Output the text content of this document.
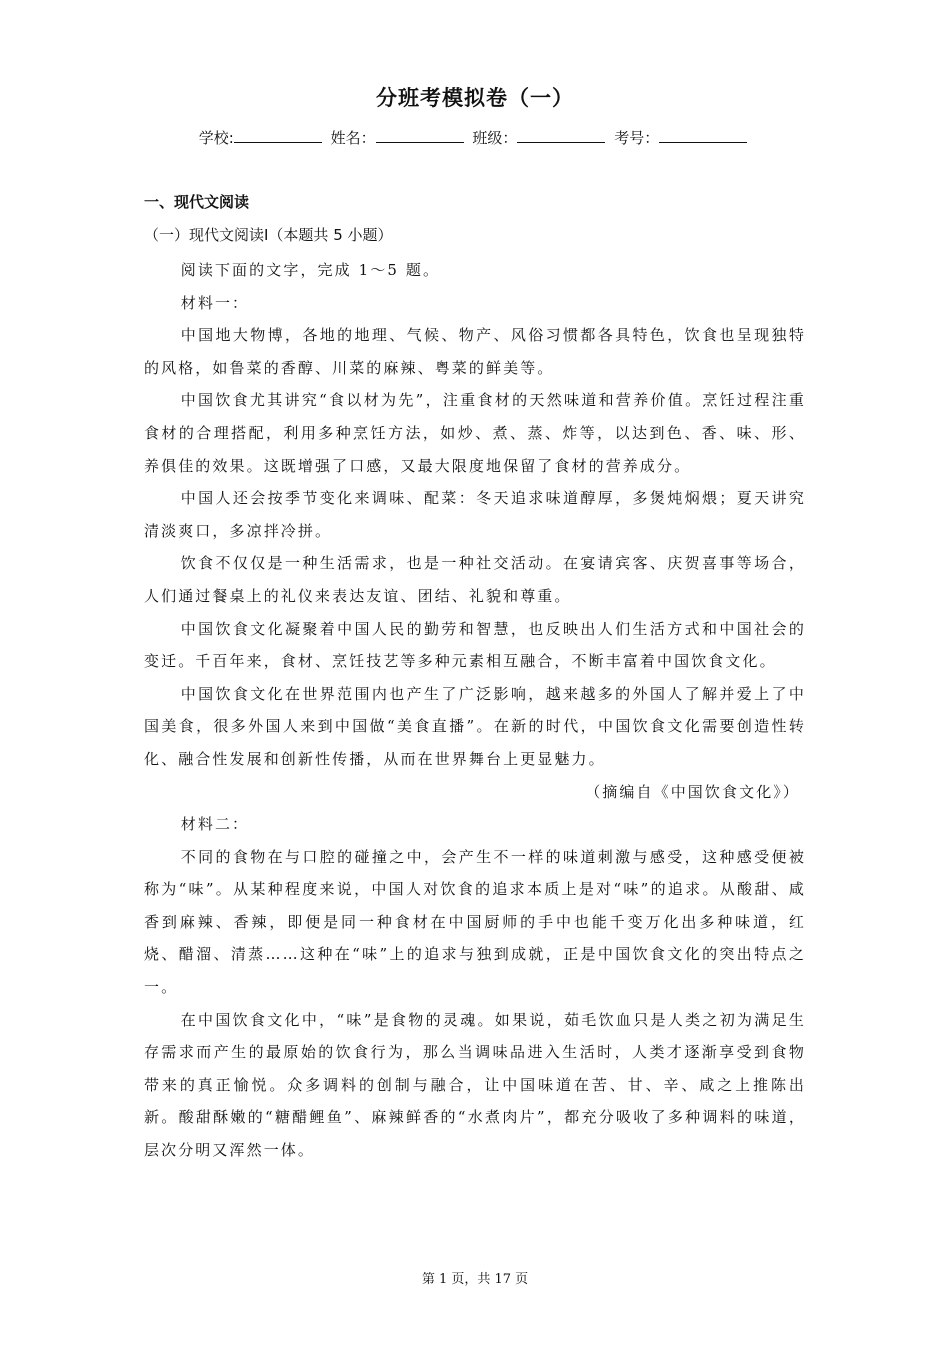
分班考模拟卷（一）
学校:	姓名：	班级：	考号：
一、现代文阅读
（一）现代文阅读I（本题共 5 小题）

阅读下面的文字，完成 1～5 题。

材料一：

中国地大物博，各地的地理、气候、物产、风俗习惯都各具特色，饮食也呈现独特的风格，如鲁菜的香醇、川菜的麻辣、粤菜的鲜美等。

中国饮食尤其讲究“食以材为先”，注重食材的天然味道和营养价值。烹饪过程注重食材的合理搭配，利用多种烹饪方法，如炒、煮、蒸、炸等，以达到色、香、味、形、养俱佳的效果。这既增强了口感，又最大限度地保留了食材的营养成分。

中国人还会按季节变化来调味、配菜：冬天追求味道醇厚，多煲炖焖煨；夏天讲究清淡爽口，多凉拌冷拼。

饮食不仅仅是一种生活需求，也是一种社交活动。在宴请宾客、庆贺喜事等场合，人们通过餐桌上的礼仪来表达友谊、团结、礼貌和尊重。

中国饮食文化凝聚着中国人民的勤劳和智慧，也反映出人们生活方式和中国社会的变迁。千百年来，食材、烹饪技艺等多种元素相互融合，不断丰富着中国饮食文化。

中国饮食文化在世界范围内也产生了广泛影响，越来越多的外国人了解并爱上了中国美食，很多外国人来到中国做“美食直播”。在新的时代，中国饮食文化需要创造性转化、融合性发展和创新性传播，从而在世界舞台上更显魅力。

（摘编自《中国饮食文化》）

材料二：

不同的食物在与口腔的碰撞之中，会产生不一样的味道刺激与感受，这种感受便被称为“味”。从某种程度来说，中国人对饮食的追求本质上是对“味”的追求。从酸甜、咸香到麻辣、香辣，即便是同一种食材在中国厨师的手中也能千变万化出多种味道，红烧、醋溜、清蒸……这种在“味”上的追求与独到成就，正是中国饮食文化的突出特点之一。

在中国饮食文化中，“味”是食物的灵魂。如果说，茹毛饮血只是人类之初为满足生存需求而产生的最原始的饮食行为，那么当调味品进入生活时，人类才逐渐享受到食物带来的真正愉悦。众多调料的创制与融合，让中国味道在苦、甘、辛、咸之上推陈出新。酸甜酥嫩的“糖醋鲤鱼”、麻辣鲜香的“水煮肉片”，都充分吸收了多种调料的味道，层次分明又浑然一体。

第 1 页，共 17 页
